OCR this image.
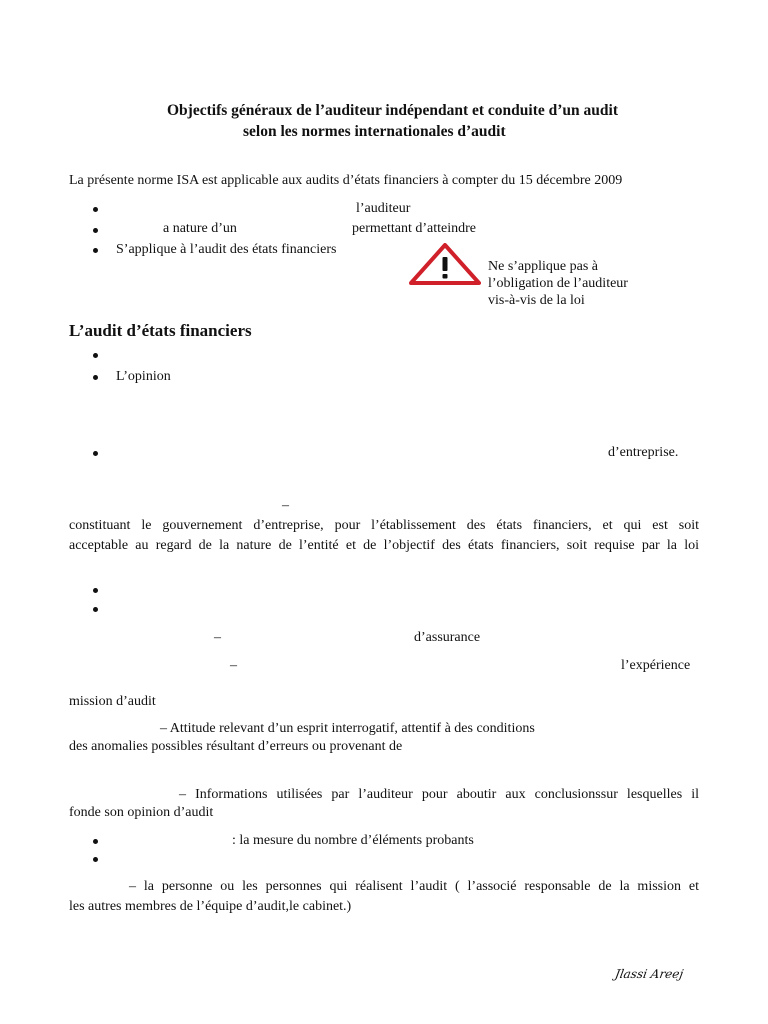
Objectifs généraux de l’auditeur indépendant et conduite d’un audit
selon les normes internationales d’audit
La présente norme ISA est applicable aux audits d’états financiers à compter du 15 décembre 2009
l’auditeur
a nature d’un	permettant d’atteindre
S’applique à l’audit des états financiers
Ne s’applique pas à
l’obligation de l’auditeur
vis-à-vis de la loi
L’audit d’états financiers
L’opinion
d’entreprise.
–
constituant le gouvernement d’entreprise, pour l’établissement des états financiers, et qui est soit
acceptable au regard de la nature de l’entité et de l’objectif des états financiers, soit requise par la loi
–	d’assurance
–	l’expérience
mission d’audit
– Attitude relevant d’un esprit interrogatif, attentif à des conditions
des anomalies possibles résultant d’erreurs ou provenant de
– Informations utilisées par l’auditeur pour aboutir aux conclusionssur lesquelles il
fonde son opinion d’audit
: la mesure du nombre d’éléments probants
– la personne ou les personnes qui réalisent l’audit ( l’associé responsable de la mission et
les autres membres de l’équipe d’audit,le cabinet.)
Jlassi Areej
